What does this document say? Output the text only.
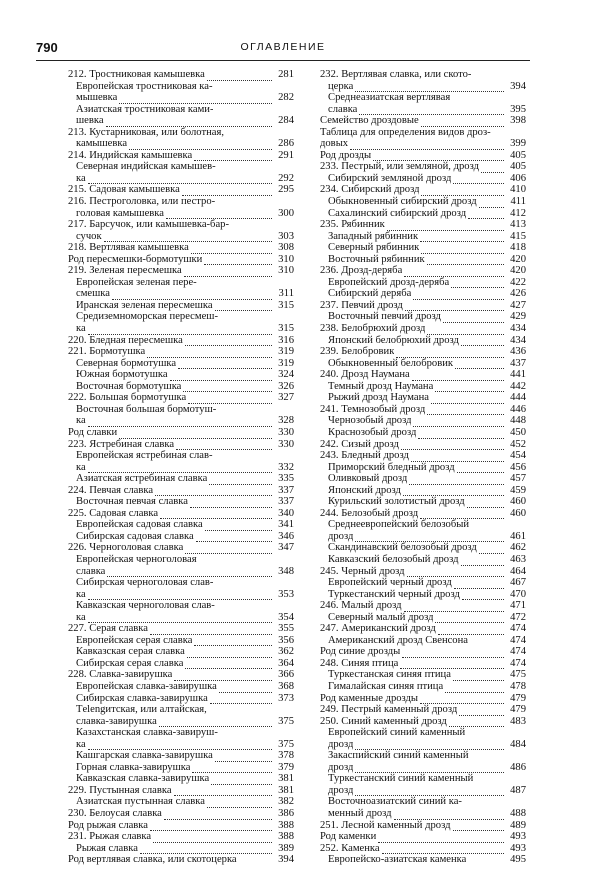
790	ОГЛАВЛЕНИЕ
212. Тростниковая камышевка	281
Европейская тростниковая ка-
мышевка	282
Азиатская тростниковая ками-
шевка	284
213. Кустарниковая, или болотная,
камышевка	286
214. Индийская камышевка	291
Северная индийская камышев-
ка	292
215. Садовая камышевка	295
216. Пестроголовка, или пестро-
головая камышевка	300
217. Барсучок, или камышевка-бар-
сучок	303
218. Вертлявая камышевка	308
Род пересмешки-бормотушки	310
219. Зеленая пересмешка	310
Европейская зеленая пере-
смешка	311
Иранская зеленая пересмешка	315
Средиземноморская пересмеш-
ка	315
220. Бледная пересмешка	316
221. Бормотушка	319
Северная бормотушка	319
Южная бормотушка	324
Восточная бормотушка	326
222. Большая бормотушка	327
Восточная большая бормотуш-
ка	328
Род славки	330
223. Ястребиная славка	330
Европейская ястребиная слав-
ка	332
Азиатская ястребиная славка	335
224. Певчая славка	337
Восточная певчая славка	337
225. Садовая славка	340
Европейская садовая славка	341
Сибирская садовая славка	346
226. Черноголовая славка	347
Европейская черноголовая
славка	348
Сибирская черноголовая слав-
ка	353
Кавказская черноголовая слав-
ка	354
227. Серая славка	355
Европейская серая славка	356
Кавказская серая славка	362
Сибирская серая славка	364
228. Славка-завирушка	366
Европейская славка-завирушка	368
Сибирская славка-завирушка	373
Тelengитская, или алтайская,
славка-завирушка	375
Казахстанская славка-завируш-
ка	375
Кашгарская славка-завирушка	378
Горная славка-завирушка	379
Кавказская славка-завирушка	381
229. Пустынная славка	381
Азиатская пустынная славка	382
230. Белоусая славка	386
Род рыжая славка	388
231. Рыжая славка	388
Рыжая славка	389
Род вертлявая славка, или скотоцерка	394
232. Вертлявая славка, или ското-
церка	394
Среднеазиатская вертлявая
славка	395
Семейство дроздовые	398
Таблица для определения видов дроз-
довых	399
Род дрозды	405
233. Пестрый, или земляной, дрозд	405
Сибирский земляной дрозд	406
234. Сибирский дрозд	410
Обыкновенный сибирский дрозд	411
Сахалинский сибирский дрозд	412
235. Рябинник	413
Западный рябинник	415
Северный рябинник	418
Восточный рябинник	420
236. Дрозд-деряба	420
Европейский дрозд-деряба	422
Сибирский деряба	426
237. Певчий дрозд	427
Восточный певчий дрозд	429
238. Белобрюхий дрозд	434
Японский белобрюхий дрозд	434
239. Белобровик	436
Обыкновенный белобровик	437
240. Дрозд Наумана	441
Темный дрозд Наумана	442
Рыжий дрозд Наумана	444
241. Темнозобый дрозд	446
Чернозобый дрозд	448
Краснозобый дрозд	450
242. Сизый дрозд	452
243. Бледный дрозд	454
Приморский бледный дрозд	456
Оливковый дрозд	457
Японский дрозд	459
Курильский золотистый дрозд	460
244. Белозобый дрозд	460
Среднеевропейский белозобый
дрозд	461
Скандинавский белозобый дрозд	462
Кавказский белозобый дрозд	463
245. Черный дрозд	464
Европейский черный дрозд	467
Туркестанский черный дрозд	470
246. Малый дрозд	471
Северный малый дрозд	472
247. Американский дрозд	474
Американский дрозд Свенсона	474
Род синие дрозды	474
248. Синяя птица	474
Туркестанская синяя птица	475
Гималайская синяя птица	478
Род каменные дрозды	479
249. Пестрый каменный дрозд	479
250. Синий каменный дрозд	483
Европейский синий каменный
дрозд	484
Закаспийский синий каменный
дрозд	486
Туркестанский синий каменный
дрозд	487
Восточноазиатский синий ка-
менный дрозд	488
251. Лесной каменный дрозд	489
Род каменки	493
252. Каменка	493
Европейско-азиатская каменка	495
